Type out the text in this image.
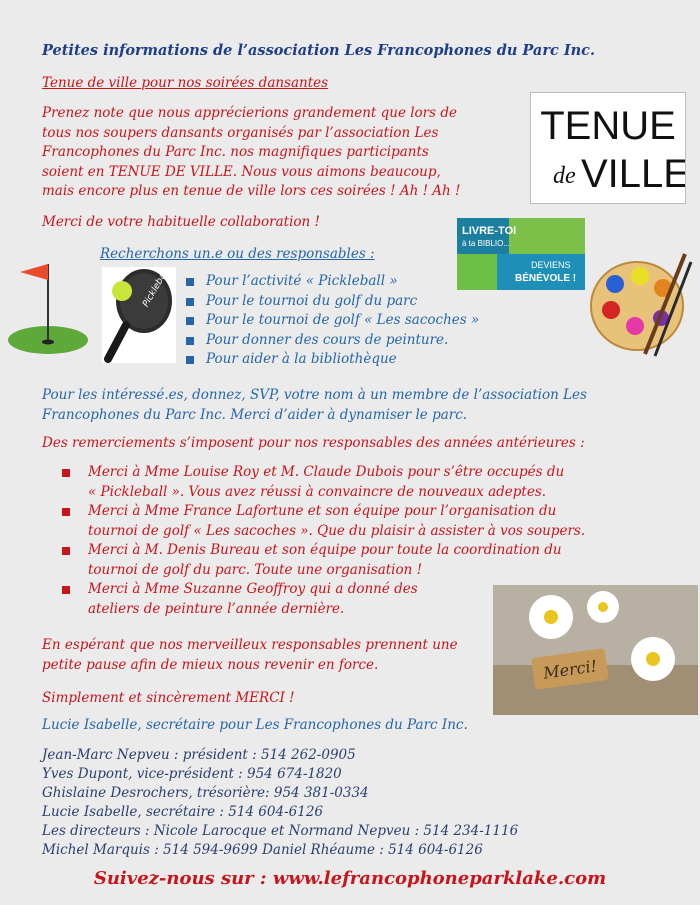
Petites informations de l’association Les Francophones du Parc Inc.
Tenue de ville pour nos soirées dansantes
Prenez note que nous apprécierions grandement que lors de
tous nos soupers dansants organisés par l’association Les
Francophones du Parc Inc. nos magnifiques participants
soient en TENUE DE VILLE. Nous vous aimons beaucoup,
mais encore plus en tenue de ville lors ces soirées ! Ah ! Ah !
Merci de votre habituelle collaboration !
Recherchons un.e ou des responsables :
Pour l’activité « Pickleball »
Pour le tournoi du golf du parc
Pour le tournoi de golf « Les sacoches »
Pour donner des cours de peinture.
Pour aider à la bibliothèque
Pour les intéressé.es, donnez, SVP, votre nom à un membre de l’association Les
Francophones du Parc Inc. Merci d’aider à dynamiser le parc.
Des remerciements s’imposent pour nos responsables des années antérieures :
Merci à Mme Louise Roy et M. Claude Dubois pour s’être occupés du
« Pickleball ». Vous avez réussi à convaincre de nouveaux adeptes.
Merci à Mme France Lafortune et son équipe pour l’organisation du
tournoi de golf « Les sacoches ». Que du plaisir à assister à vos soupers.
Merci à M. Denis Bureau et son équipe pour toute la coordination du
tournoi de golf du parc. Toute une organisation !
Merci à Mme Suzanne Geoffroy qui a donné des
ateliers de peinture l’année dernière.
En espérant que nos merveilleux responsables prennent une
petite pause afin de mieux nous revenir en force.
Simplement et sincèrement MERCI !
Lucie Isabelle, secrétaire pour Les Francophones du Parc Inc.
Jean-Marc Nepveu : président : 514 262-0905
Yves Dupont, vice-président : 954 674-1820
Ghislaine Desrochers, trésorière: 954 381-0334
Lucie Isabelle, secrétaire : 514 604-6126
Les directeurs : Nicole Larocque et Normand Nepveu : 514 234-1116
Michel Marquis : 514 594-9699 Daniel Rhéaume : 514 604-6126
Suivez-nous sur : www.lefrancophoneparklake.com
TENUE
de VILLE
LIVRE-TOI
à ta BIBLIO...
DEVIENS
BÉNÉVOLE !
Pickleball
Merci!
